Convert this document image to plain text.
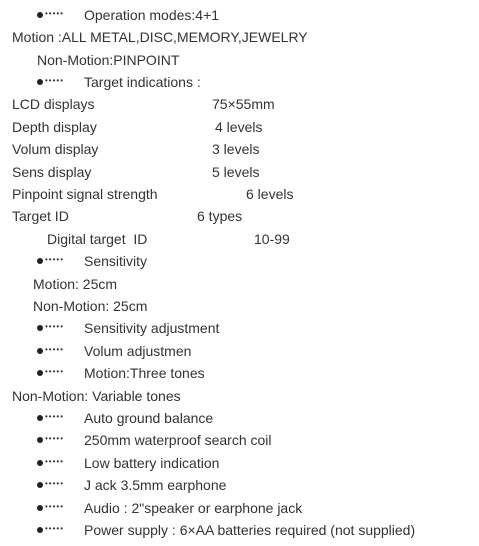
•••••	Operation modes:4+1
Motion :ALL METAL,DISC,MEMORY,JEWELRY
Non-Motion:PINPOINT
•••••	Target indications :
LCD displays	75×55mm
Depth display	4 levels
Volum display	3 levels
Sens display	5 levels
Pinpoint signal strength	6 levels
Target ID	6 types
Digital target  ID	10-99
•••••	Sensitivity
Motion: 25cm
Non-Motion: 25cm
•••••	Sensitivity adjustment
•••••	Volum adjustmen
•••••	Motion:Three tones
Non-Motion: Variable tones
•••••	Auto ground balance
•••••	250mm waterproof search coil
•••••	Low battery indication
•••••	J ack 3.5mm earphone
•••••	Audio : 2"speaker or earphone jack
•••••	Power supply : 6×AA batteries required (not supplied)
